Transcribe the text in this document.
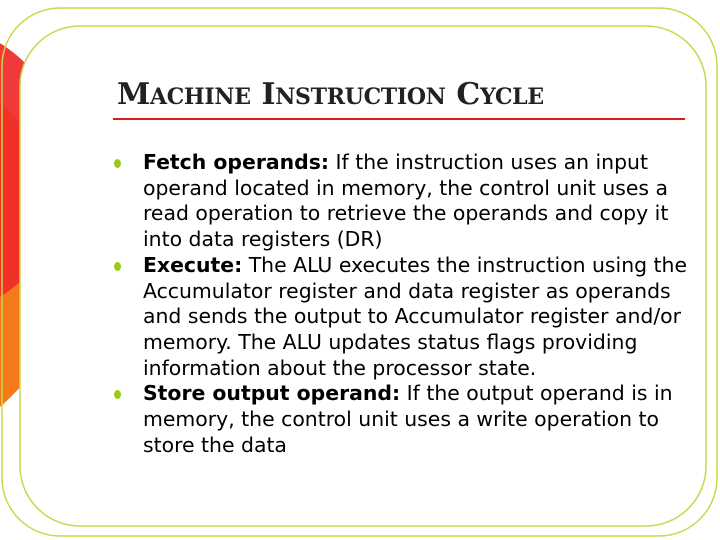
MACHINE INSTRUCTION CYCLE
Fetch operands: If the instruction uses an input operand located in memory, the control unit uses a read operation to retrieve the operands and copy it into data registers (DR)
Execute: The ALU executes the instruction using the Accumulator register and data register as operands and sends the output to Accumulator register and/or memory. The ALU updates status flags providing information about the processor state.
Store output operand: If the output operand is in memory, the control unit uses a write operation to store the data
